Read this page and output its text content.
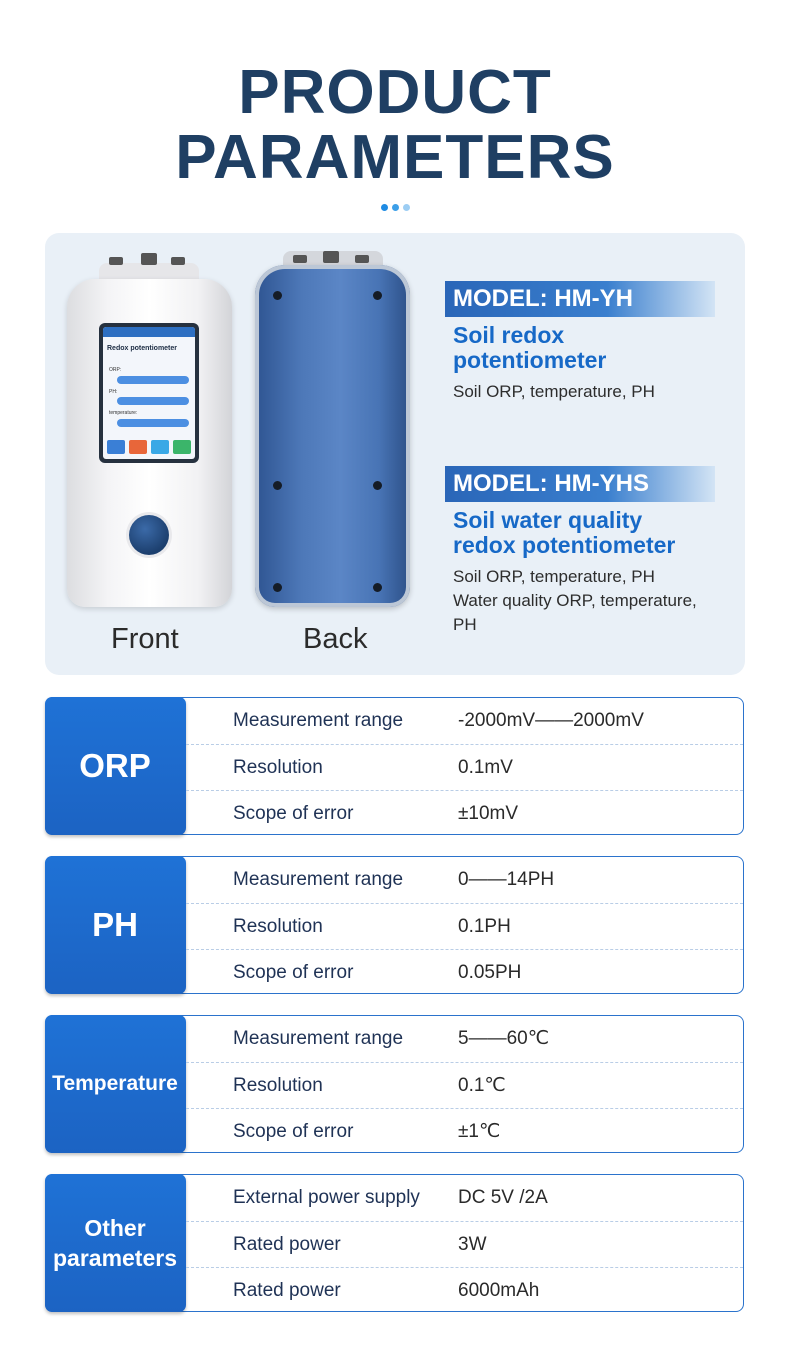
PRODUCT
PARAMETERS
Redox potentiometer
ORP:
PH:
temperature:
Front	Back
MODEL: HM-YH
Soil redox
potentiometer
Soil ORP, temperature, PH
MODEL: HM-YHS
Soil water quality
redox potentiometer
Soil ORP, temperature, PH
Water quality ORP, temperature,
PH
ORP
Measurement range	-2000mV——2000mV
Resolution	0.1mV
Scope of error	±10mV
PH
Measurement range	0——14PH
Resolution	0.1PH
Scope of error	0.05PH
Temperature
Measurement range	5——60℃
Resolution	0.1℃
Scope of error	±1℃
Other
parameters
External power supply DC 5V /2A
Rated power	3W
Rated power	6000mAh
